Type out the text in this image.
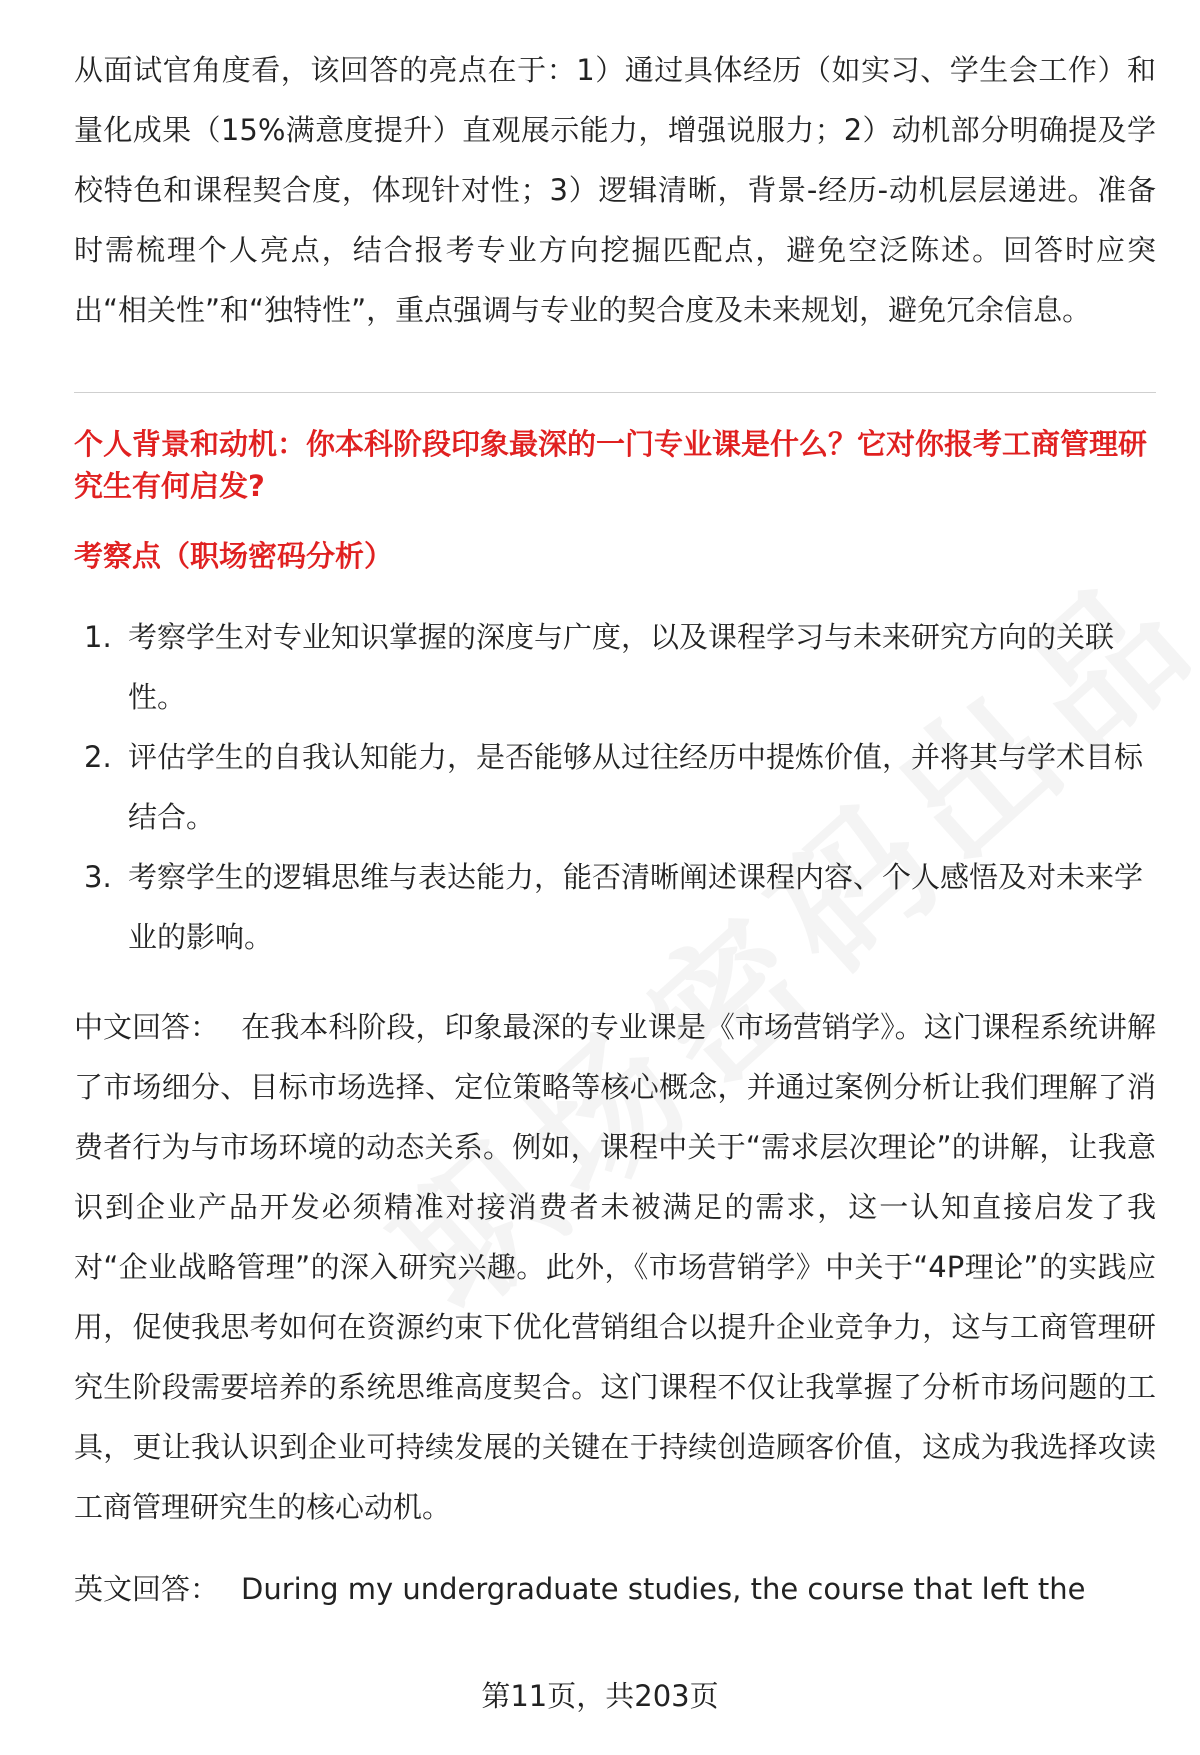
从面试官角度看，该回答的亮点在于：1）通过具体经历（如实习、学生会工作）和量化成果（15%满意度提升）直观展示能力，增强说服力；2）动机部分明确提及学校特色和课程契合度，体现针对性；3）逻辑清晰，背景-经历-动机层层递进。准备时需梳理个人亮点，结合报考专业方向挖掘匹配点，避免空泛陈述。回答时应突出“相关性”和“独特性”，重点强调与专业的契合度及未来规划，避免冗余信息。

个人背景和动机：你本科阶段印象最深的一门专业课是什么？它对你报考工商管理研究生有何启发?
考察点（职场密码分析）
1. 考察学生对专业知识掌握的深度与广度，以及课程学习与未来研究方向的关联性。
2. 评估学生的自我认知能力，是否能够从过往经历中提炼价值，并将其与学术目标结合。
3. 考察学生的逻辑思维与表达能力，能否清晰阐述课程内容、个人感悟及对未来学业的影响。

中文回答： 在我本科阶段，印象最深的专业课是《市场营销学》。这门课程系统讲解了市场细分、目标市场选择、定位策略等核心概念，并通过案例分析让我们理解了消费者行为与市场环境的动态关系。例如，课程中关于“需求层次理论”的讲解，让我意识到企业产品开发必须精准对接消费者未被满足的需求，这一认知直接启发了我对“企业战略管理”的深入研究兴趣。此外，《市场营销学》中关于“4P理论”的实践应用，促使我思考如何在资源约束下优化营销组合以提升企业竞争力，这与工商管理研究生阶段需要培养的系统思维高度契合。这门课程不仅让我掌握了分析市场问题的工具，更让我认识到企业可持续发展的关键在于持续创造顾客价值，这成为我选择攻读工商管理研究生的核心动机。

英文回答： During my undergraduate studies, the course that left the

第11页，共203页
